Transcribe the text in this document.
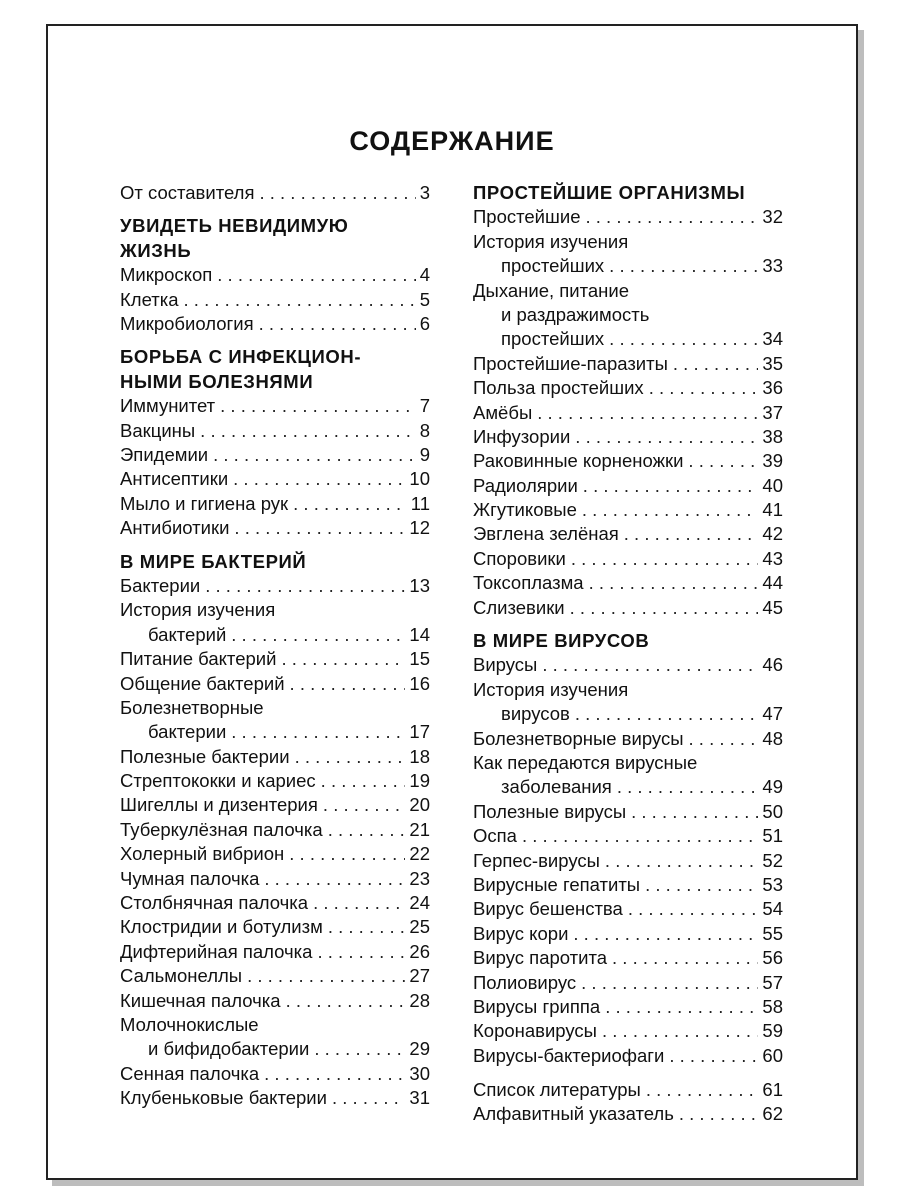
СОДЕРЖАНИЕ
От составителя . . .	3
УВИДЕТЬ НЕВИДИМУЮ
ЖИЗНЬ
Микроскоп . . .	4
Клетка . . .	5
Микробиология . . .	6
БОРЬБА С ИНФЕКЦИОН-
НЫМИ БОЛЕЗНЯМИ
Иммунитет . . .	7
Вакцины . . .	8
Эпидемии . . .	9
Антисептики . . .	10
Мыло и гигиена рук . . .	11
Антибиотики . . .	12
В МИРЕ БАКТЕРИЙ
Бактерии . . .	13
История изучения
бактерий . . .	14
Питание бактерий . . .	15
Общение бактерий . . .	16
Болезнетворные
бактерии . . .	17
Полезные бактерии . . .	18
Стрептококки и кариес . . .	19
Шигеллы и дизентерия . . .	20
Туберкулёзная палочка . . .	21
Холерный вибрион . . .	22
Чумная палочка . . .	23
Столбнячная палочка . . .	24
Клостридии и ботулизм . . .	25
Дифтерийная палочка . . .	26
Сальмонеллы . . .	27
Кишечная палочка . . .	28
Молочнокислые
и бифидобактерии . . .	29
Сенная палочка . . .	30
Клубеньковые бактерии . . .	31
ПРОСТЕЙШИЕ ОРГАНИЗМЫ
Простейшие . . .	32
История изучения
простейших . . .	33
Дыхание, питание
и раздражимость
простейших . . .	34
Простейшие-паразиты . . .	35
Польза простейших . . .	36
Амёбы . . .	37
Инфузории . . .	38
Раковинные корненожки . . .	39
Радиолярии . . .	40
Жгутиковые . . .	41
Эвглена зелёная . . .	42
Споровики . . .	43
Токсоплазма . . .	44
Слизевики . . .	45
В МИРЕ ВИРУСОВ
Вирусы . . .	46
История изучения
вирусов . . .	47
Болезнетворные вирусы . . .	48
Как передаются вирусные
заболевания . . .	49
Полезные вирусы . . .	50
Оспа . . .	51
Герпес-вирусы . . .	52
Вирусные гепатиты . . .	53
Вирус бешенства . . .	54
Вирус кори . . .	55
Вирус паротита . . .	56
Полиовирус . . .	57
Вирусы гриппа . . .	58
Коронавирусы . . .	59
Вирусы-бактериофаги . . .	60
Список литературы . . .	61
Алфавитный указатель . . .	62
